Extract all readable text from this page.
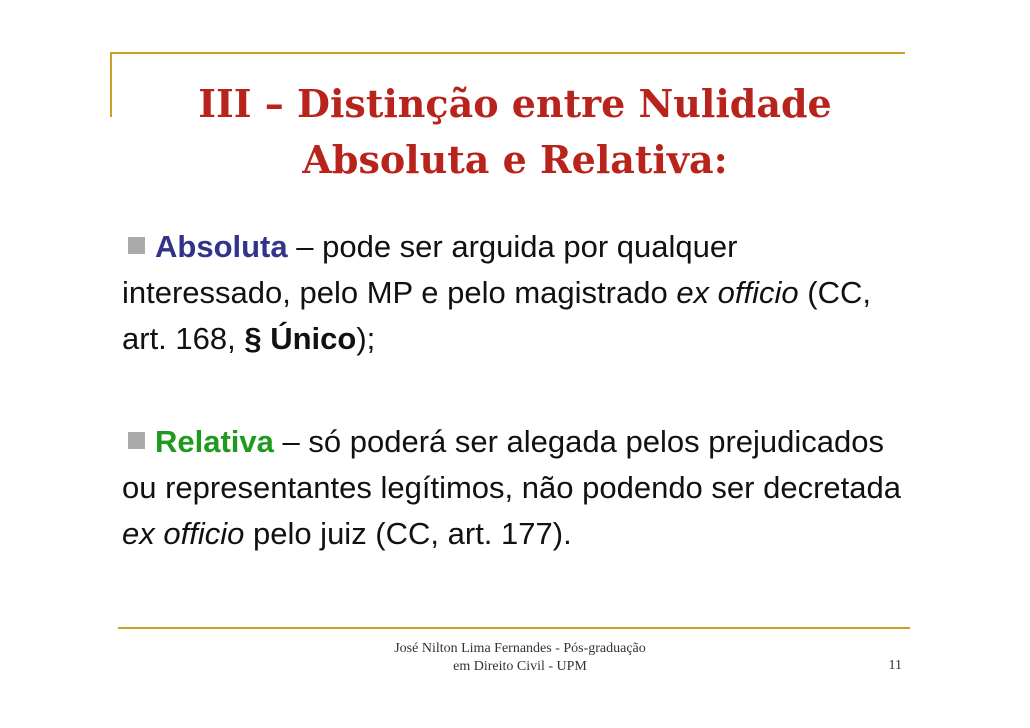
III – Distinção entre Nulidade
Absoluta e Relativa:
Absoluta – pode ser arguida por qualquer interessado, pelo MP e pelo magistrado ex officio (CC, art. 168, § Único);
Relativa – só poderá ser alegada pelos prejudicados ou representantes legítimos, não podendo ser decretada ex officio pelo juiz (CC, art. 177).
José Nilton Lima Fernandes - Pós-graduação
em Direito Civil - UPM	11
